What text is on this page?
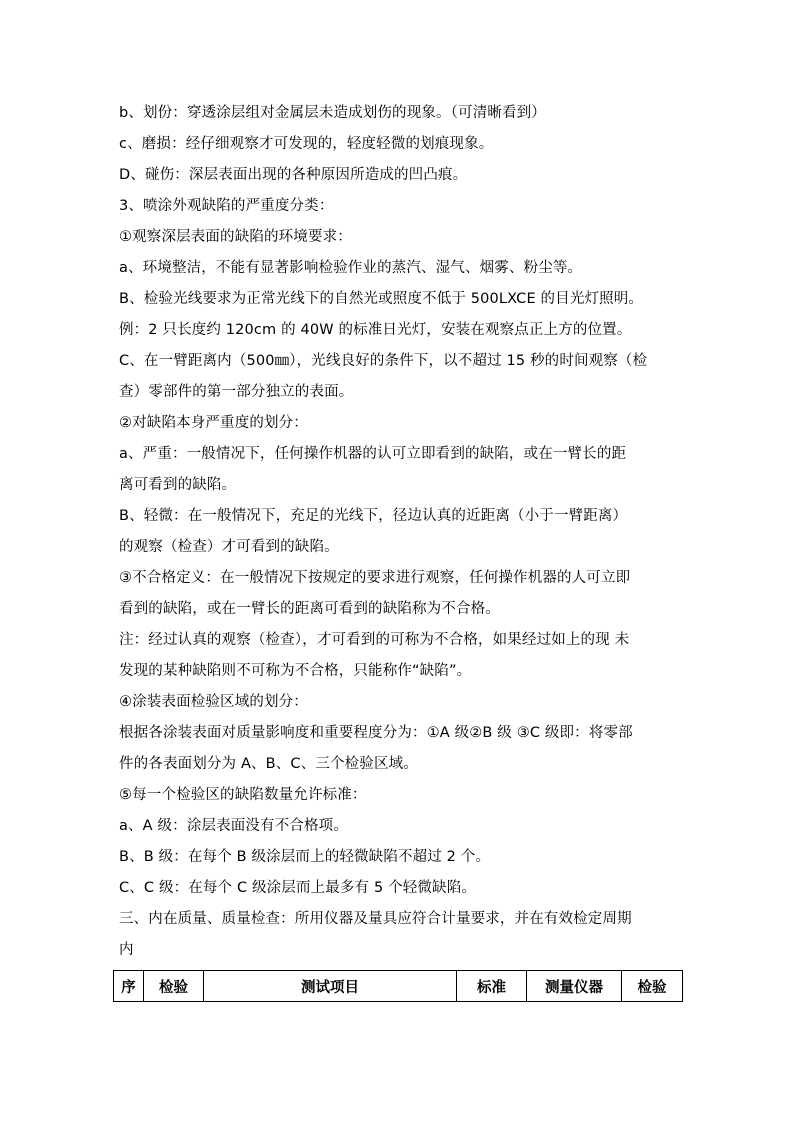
b、划份：穿透涂层组对金属层未造成划伤的现象。（可清晰看到）
c、磨损：经仔细观察才可发现的，轻度轻微的划痕现象。
D、碰伤：深层表面出现的各种原因所造成的凹凸痕。
3、喷涂外观缺陷的严重度分类：
①观察深层表面的缺陷的环境要求：
a、环境整洁，不能有显著影响检验作业的蒸汽、湿气、烟雾、粉尘等。
B、检验光线要求为正常光线下的自然光或照度不低于 500LXCE 的目光灯照明。
例：2 只长度约 120cm 的 40W 的标准日光灯，安装在观察点正上方的位置。
C、在一臂距离内（500㎜），光线良好的条件下，以不超过 15 秒的时间观察（检
查）零部件的第一部分独立的表面。
②对缺陷本身严重度的划分：
a、严重：一般情况下，任何操作机器的认可立即看到的缺陷，或在一臂长的距
离可看到的缺陷。
B、轻微：在一般情况下，充足的光线下，径边认真的近距离（小于一臂距离）
的观察（检查）才可看到的缺陷。
③不合格定义：在一般情况下按规定的要求进行观察，任何操作机器的人可立即
看到的缺陷，或在一臂长的距离可看到的缺陷称为不合格。
注：经过认真的观察（检查），才可看到的可称为不合格，如果经过如上的现 未
发现的某种缺陷则不可称为不合格，只能称作“缺陷”。
④涂装表面检验区域的划分：
根据各涂装表面对质量影响度和重要程度分为：①A 级②B 级 ③C 级即：将零部
件的各表面划分为 A、B、C、三个检验区域。
⑤每一个检验区的缺陷数量允许标准：
a、A 级：涂层表面没有不合格项。
B、B 级：在每个 B 级涂层而上的轻微缺陷不超过 2 个。
C、C 级：在每个 C 级涂层而上最多有 5 个轻微缺陷。
三、内在质量、质量检查：所用仪器及量具应符合计量要求，并在有效检定周期
内
序	检验	测试项目	标准	测量仪器	检验
